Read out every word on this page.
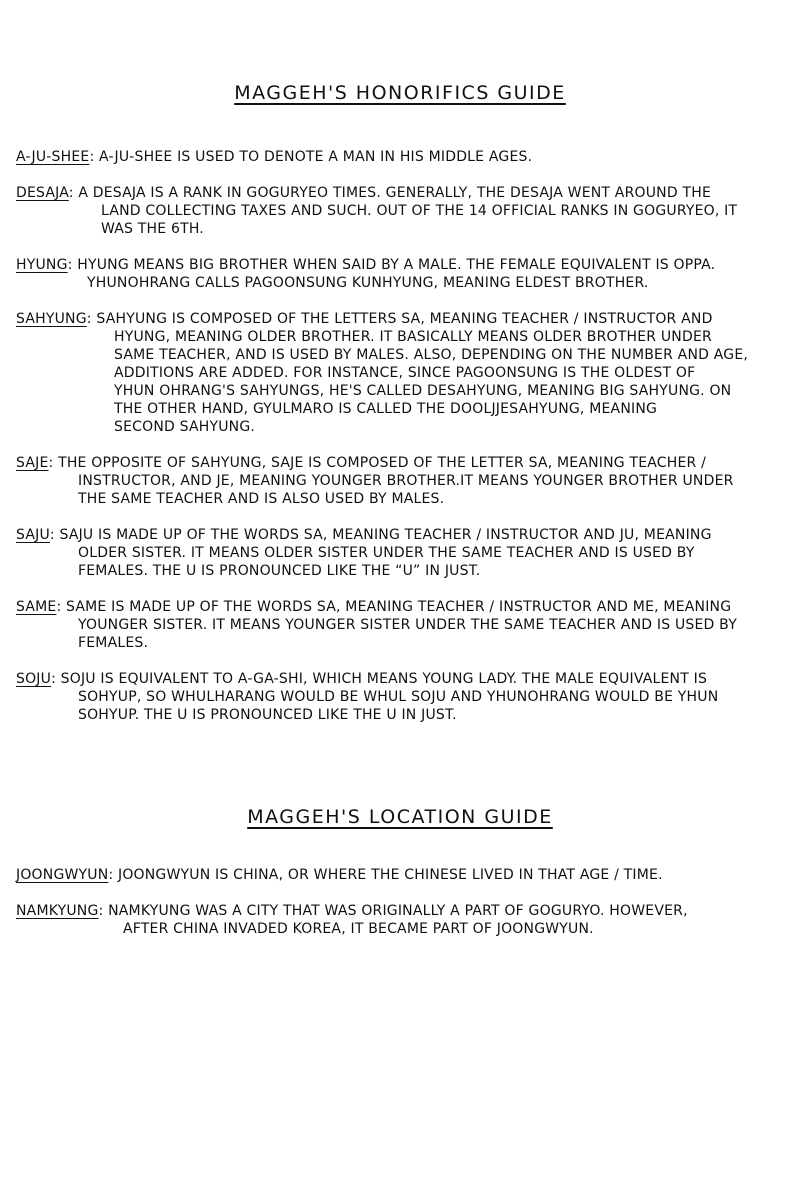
MAGGEH'S HONORIFICS GUIDE
A-JU-SHEE: A-JU-SHEE IS USED TO DENOTE A MAN IN HIS MIDDLE AGES.
DESAJA: A DESAJA IS A RANK IN GOGURYEO TIMES. GENERALLY, THE DESAJA WENT AROUND THE
LAND COLLECTING TAXES AND SUCH. OUT OF THE 14 OFFICIAL RANKS IN GOGURYEO, IT
WAS THE 6TH.
HYUNG: HYUNG MEANS BIG BROTHER WHEN SAID BY A MALE. THE FEMALE EQUIVALENT IS OPPA.
YHUNOHRANG CALLS PAGOONSUNG KUNHYUNG, MEANING ELDEST BROTHER.
SAHYUNG: SAHYUNG IS COMPOSED OF THE LETTERS SA, MEANING TEACHER / INSTRUCTOR AND
HYUNG, MEANING OLDER BROTHER. IT BASICALLY MEANS OLDER BROTHER UNDER
SAME TEACHER, AND IS USED BY MALES. ALSO, DEPENDING ON THE NUMBER AND AGE,
ADDITIONS ARE ADDED. FOR INSTANCE, SINCE PAGOONSUNG IS THE OLDEST OF
YHUN OHRANG'S SAHYUNGS, HE'S CALLED DESAHYUNG, MEANING BIG SAHYUNG. ON
THE OTHER HAND, GYULMARO IS CALLED THE DOOLJJESAHYUNG, MEANING
SECOND SAHYUNG.
SAJE: THE OPPOSITE OF SAHYUNG, SAJE IS COMPOSED OF THE LETTER SA, MEANING TEACHER /
INSTRUCTOR, AND JE, MEANING YOUNGER BROTHER.IT MEANS YOUNGER BROTHER UNDER
THE SAME TEACHER AND IS ALSO USED BY MALES.
SAJU: SAJU IS MADE UP OF THE WORDS SA, MEANING TEACHER / INSTRUCTOR AND JU, MEANING
OLDER SISTER. IT MEANS OLDER SISTER UNDER THE SAME TEACHER AND IS USED BY
FEMALES. THE U IS PRONOUNCED LIKE THE “U” IN JUST.
SAME: SAME IS MADE UP OF THE WORDS SA, MEANING TEACHER / INSTRUCTOR AND ME, MEANING
YOUNGER SISTER. IT MEANS YOUNGER SISTER UNDER THE SAME TEACHER AND IS USED BY
FEMALES.
SOJU: SOJU IS EQUIVALENT TO A-GA-SHI, WHICH MEANS YOUNG LADY. THE MALE EQUIVALENT IS
SOHYUP, SO WHULHARANG WOULD BE WHUL SOJU AND YHUNOHRANG WOULD BE YHUN
SOHYUP. THE U IS PRONOUNCED LIKE THE U IN JUST.
MAGGEH'S LOCATION GUIDE
JOONGWYUN: JOONGWYUN IS CHINA, OR WHERE THE CHINESE LIVED IN THAT AGE / TIME.
NAMKYUNG: NAMKYUNG WAS A CITY THAT WAS ORIGINALLY A PART OF GOGURYO. HOWEVER,
AFTER CHINA INVADED KOREA, IT BECAME PART OF JOONGWYUN.
